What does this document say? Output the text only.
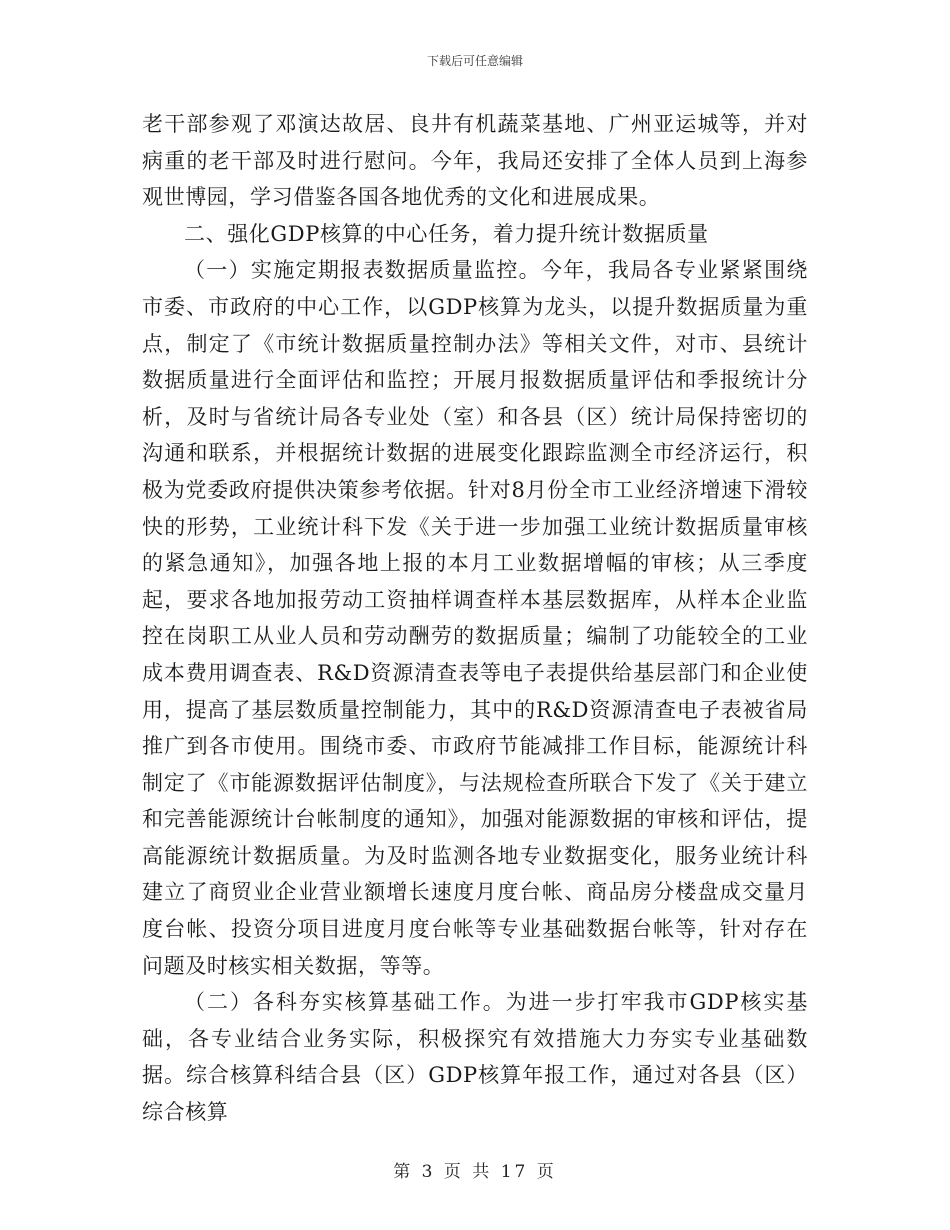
下载后可任意编辑

老干部参观了邓演达故居、良井有机蔬菜基地、广州亚运城等，并对病重的老干部及时进行慰问。今年，我局还安排了全体人员到上海参观世博园，学习借鉴各国各地优秀的文化和进展成果。

二、强化GDP核算的中心任务，着力提升统计数据质量

（一）实施定期报表数据质量监控。今年，我局各专业紧紧围绕市委、市政府的中心工作，以GDP核算为龙头，以提升数据质量为重点，制定了《市统计数据质量控制办法》等相关文件，对市、县统计数据质量进行全面评估和监控；开展月报数据质量评估和季报统计分析，及时与省统计局各专业处（室）和各县（区）统计局保持密切的沟通和联系，并根据统计数据的进展变化跟踪监测全市经济运行，积极为党委政府提供决策参考依据。针对8月份全市工业经济增速下滑较快的形势，工业统计科下发《关于进一步加强工业统计数据质量审核的紧急通知》，加强各地上报的本月工业数据增幅的审核；从三季度起，要求各地加报劳动工资抽样调查样本基层数据库，从样本企业监控在岗职工从业人员和劳动酬劳的数据质量；编制了功能较全的工业成本费用调查表、R&D资源清查表等电子表提供给基层部门和企业使用，提高了基层数质量控制能力，其中的R&D资源清查电子表被省局推广到各市使用。围绕市委、市政府节能减排工作目标，能源统计科制定了《市能源数据评估制度》，与法规检查所联合下发了《关于建立和完善能源统计台帐制度的通知》，加强对能源数据的审核和评估，提高能源统计数据质量。为及时监测各地专业数据变化，服务业统计科建立了商贸业企业营业额增长速度月度台帐、商品房分楼盘成交量月度台帐、投资分项目进度月度台帐等专业基础数据台帐等，针对存在问题及时核实相关数据，等等。

（二）各科夯实核算基础工作。为进一步打牢我市GDP核实基础，各专业结合业务实际，积极探究有效措施大力夯实专业基础数据。综合核算科结合县（区）GDP核算年报工作，通过对各县（区）综合核算

第 3 页 共 17 页
